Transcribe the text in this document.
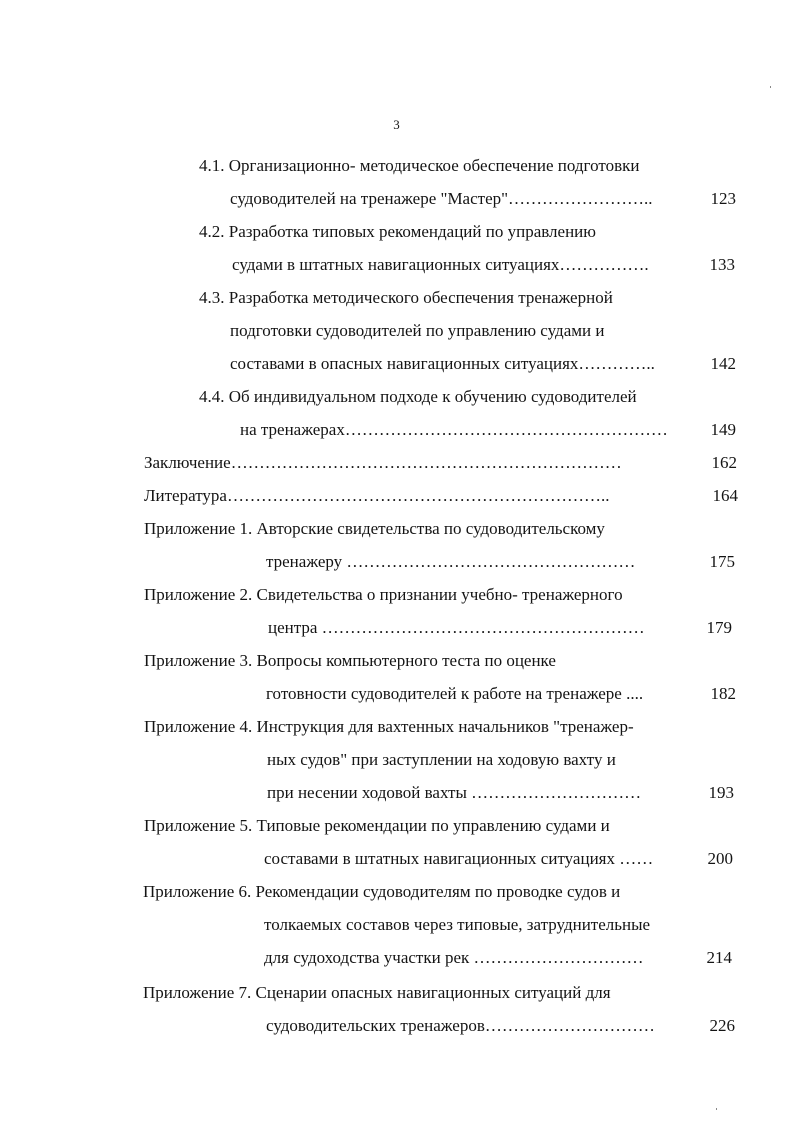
3
4.1. Организационно- методическое обеспечение подготовки
судоводителей на тренажере "Мастер"……………………..	123
4.2. Разработка типовых рекомендаций по управлению
судами в штатных навигационных ситуациях…………….	133
4.3. Разработка методического обеспечения тренажерной
подготовки судоводителей по управлению судами и
составами в опасных навигационных ситуациях…………..	142
4.4. Об индивидуальном подходе к обучению судоводителей
на тренажерах…………………………………………………	149
Заключение……………………………………………………………	162
Литература…………………………………………………………..	164
Приложение 1. Авторские свидетельства по судоводительскому
тренажеру ……………………………………………	175
Приложение 2. Свидетельства о признании учебно- тренажерного
центра …………………………………………………	179
Приложение 3. Вопросы компьютерного теста по оценке
готовности судоводителей к работе на тренажере ....	182
Приложение 4. Инструкция для вахтенных начальников "тренажер-
ных судов" при заступлении на ходовую вахту и
при несении ходовой вахты …………………………	193
Приложение 5. Типовые рекомендации по управлению судами и
составами в штатных навигационных ситуациях ……	200
Приложение 6. Рекомендации судоводителям по проводке судов и
толкаемых составов через типовые, затруднительные
для судоходства участки рек …………………………	214
Приложение 7. Сценарии опасных навигационных ситуаций для
судоводительских тренажеров…………………………	226
